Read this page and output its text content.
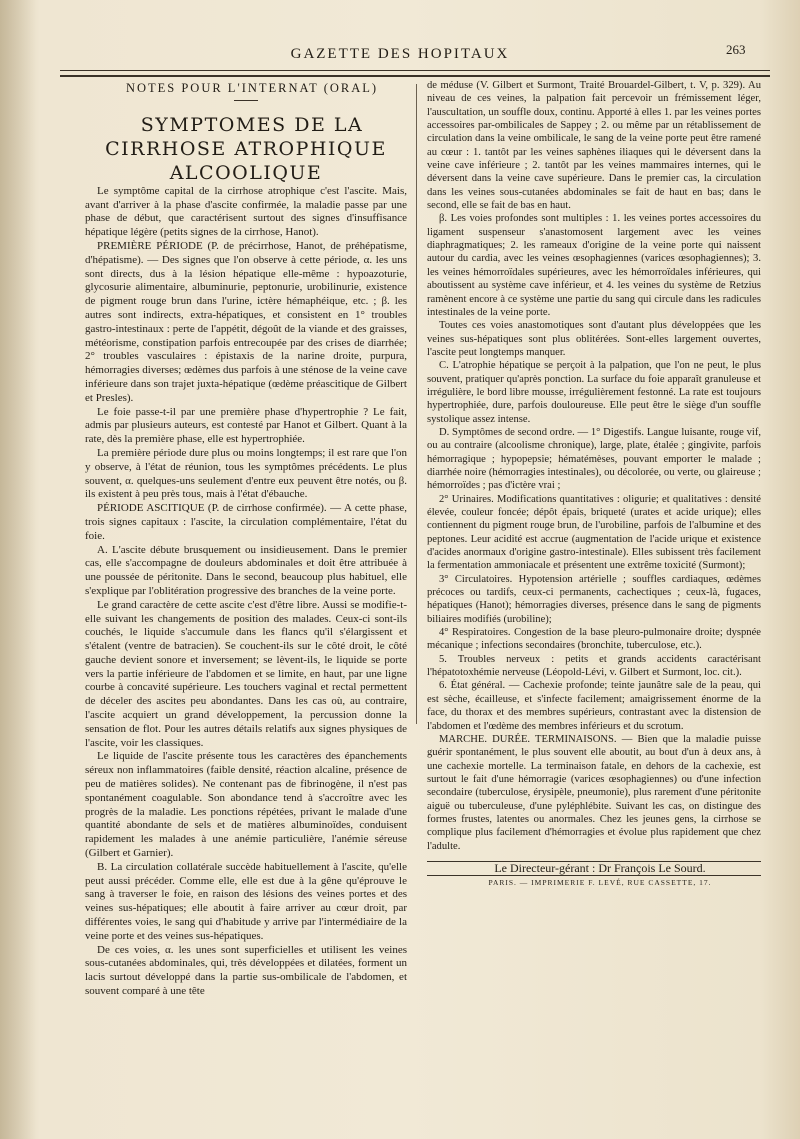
GAZETTE DES HOPITAUX	263

NOTES POUR L'INTERNAT (ORAL)

SYMPTOMES DE LA CIRRHOSE ATROPHIQUE ALCOOLIQUE

Le symptôme capital de la cirrhose atrophique c'est l'ascite. Mais, avant d'arriver à la phase d'ascite confirmée, la maladie passe par une phase de début, que caractérisent surtout des signes d'insuffisance hépatique légère (petits signes de la cirrhose, Hanot).

PREMIÈRE PÉRIODE (P. de précirrhose, Hanot, de préhépatisme, d'hépatisme). — Des signes que l'on observe à cette période, α. les uns sont directs, dus à la lésion hépatique elle-même : hypoazoturie, glycosurie alimentaire, albuminurie, peptonurie, urobilinurie, existence de pigment rouge brun dans l'urine, ictère hémaphéique, etc. ; β. les autres sont indirects, extra-hépatiques, et consistent en 1° troubles gastro-intestinaux : perte de l'appétit, dégoût de la viande et des graisses, météorisme, constipation parfois entrecoupée par des crises de diarrhée; 2° troubles vasculaires : épistaxis de la narine droite, purpura, hémorragies diverses; œdèmes dus parfois à une sténose de la veine cave inférieure dans son trajet juxta-hépatique (œdème préascitique de Gilbert et Presles).

Le foie passe-t-il par une première phase d'hypertrophie ? Le fait, admis par plusieurs auteurs, est contesté par Hanot et Gilbert. Quant à la rate, dès la première phase, elle est hypertrophiée.

La première période dure plus ou moins longtemps; il est rare que l'on y observe, à l'état de réunion, tous les symptômes précédents. Le plus souvent, α. quelques-uns seulement d'entre eux peuvent être notés, ou β. ils existent à peu près tous, mais à l'état d'ébauche.

PÉRIODE ASCITIQUE (P. de cirrhose confirmée). — A cette phase, trois signes capitaux : l'ascite, la circulation complémentaire, l'état du foie.

A. L'ascite débute brusquement ou insidieusement. Dans le premier cas, elle s'accompagne de douleurs abdominales et doit être attribuée à une poussée de péritonite. Dans le second, beaucoup plus habituel, elle s'explique par l'oblitération progressive des branches de la veine porte.

Le grand caractère de cette ascite c'est d'être libre. Aussi se modifie-t-elle suivant les changements de position des malades. Ceux-ci sont-ils couchés, le liquide s'accumule dans les flancs qu'il s'élargissent et s'étalent (ventre de batracien). Se couchent-ils sur le côté droit, le côté gauche devient sonore et inversement; se lèvent-ils, le liquide se porte vers la partie inférieure de l'abdomen et se limite, en haut, par une ligne courbe à concavité supérieure. Les touchers vaginal et rectal permettent de déceler des ascites peu abondantes. Dans les cas où, au contraire, l'ascite acquiert un grand développement, la percussion donne la sensation de flot. Pour les autres détails relatifs aux signes physiques de l'ascite, voir les classiques.

Le liquide de l'ascite présente tous les caractères des épanchements séreux non inflammatoires (faible densité, réaction alcaline, présence de peu de matières solides). Ne contenant pas de fibrinogène, il n'est pas spontanément coagulable. Son abondance tend à s'accroître avec les progrès de la maladie. Les ponctions répétées, privant le malade d'une quantité abondante de sels et de matières albuminoïdes, conduisent rapidement les malades à une anémie particulière, l'anémie séreuse (Gilbert et Garnier).

B. La circulation collatérale succède habituellement à l'ascite, qu'elle peut aussi précéder. Comme elle, elle est due à la gêne qu'éprouve le sang à traverser le foie, en raison des lésions des veines portes et des veines sus-hépatiques; elle aboutit à faire arriver au cœur droit, par différentes voies, le sang qui d'habitude y arrive par l'intermédiaire de la veine porte et des veines sus-hépatiques.

De ces voies, α. les unes sont superficielles et utilisent les veines sous-cutanées abdominales, qui, très développées et dilatées, forment un lacis surtout développé dans la partie sus-ombilicale de l'abdomen, et souvent comparé à une tête

de méduse (V. Gilbert et Surmont, Traité Brouardel-Gilbert, t. V, p. 329). Au niveau de ces veines, la palpation fait percevoir un frémissement léger, l'auscultation, un souffle doux, continu. Apporté à elles 1. par les veines portes accessoires par-ombilicales de Sappey ; 2. ou même par un rétablissement de circulation dans la veine ombilicale, le sang de la veine porte peut être ramené au cœur : 1. tantôt par les veines saphènes iliaques qui le déversent dans la veine cave inférieure ; 2. tantôt par les veines mammaires internes, qui le déversent dans la veine cave supérieure. Dans le premier cas, la circulation dans les veines sous-cutanées abdominales se fait de haut en bas; dans le second, elle se fait de bas en haut.

β. Les voies profondes sont multiples : 1. les veines portes accessoires du ligament suspenseur s'anastomosent largement avec les veines diaphragmatiques; 2. les rameaux d'origine de la veine porte qui naissent autour du cardia, avec les veines œsophagiennes (varices œsophagiennes); 3. les veines hémorroïdales supérieures, avec les hémorroïdales inférieures, qui aboutissent au système cave inférieur, et 4. les veines du système de Retzius ramènent encore à ce système une partie du sang qui circule dans les radicules intestinales de la veine porte.

Toutes ces voies anastomotiques sont d'autant plus développées que les veines sus-hépatiques sont plus oblitérées. Sont-elles largement ouvertes, l'ascite peut longtemps manquer.

C. L'atrophie hépatique se perçoit à la palpation, que l'on ne peut, le plus souvent, pratiquer qu'après ponction. La surface du foie apparaît granuleuse et irrégulière, le bord libre mousse, irrégulièrement festonné. La rate est toujours hypertrophiée, dure, parfois douloureuse. Elle peut être le siège d'un souffle systolique assez intense.

D. Symptômes de second ordre. — 1° Digestifs. Langue luisante, rouge vif, ou au contraire (alcoolisme chronique), large, plate, étalée ; gingivite, parfois hémorragique ; hypopepsie; hématémèses, pouvant emporter le malade ; diarrhée noire (hémorragies intestinales), ou décolorée, ou verte, ou glaireuse ; hémorroïdes ; pas d'ictère vrai ;

2° Urinaires. Modifications quantitatives : oligurie; et qualitatives : densité élevée, couleur foncée; dépôt épais, briqueté (urates et acide urique); elles contiennent du pigment rouge brun, de l'urobiline, parfois de l'albumine et des peptones. Leur acidité est accrue (augmentation de l'acide urique et existence d'acides anormaux d'origine gastro-intestinale). Elles subissent très facilement la fermentation ammoniacale et présentent une extrême toxicité (Surmont);

3° Circulatoires. Hypotension artérielle ; souffles cardiaques, œdèmes précoces ou tardifs, ceux-ci permanents, cachectiques ; ceux-là, fugaces, hépatiques (Hanot); hémorragies diverses, présence dans le sang de pigments biliaires modifiés (urobiline);

4° Respiratoires. Congestion de la base pleuro-pulmonaire droite; dyspnée mécanique ; infections secondaires (bronchite, tuberculose, etc.).

5. Troubles nerveux : petits et grands accidents caractérisant l'hépatotoxhémie nerveuse (Léopold-Lévi, v. Gilbert et Surmont, loc. cit.).

6. État général. — Cachexie profonde; teinte jaunâtre sale de la peau, qui est sèche, écailleuse, et s'infecte facilement; amaigrissement énorme de la face, du thorax et des membres supérieurs, contrastant avec la distension de l'abdomen et l'œdème des membres inférieurs et du scrotum.

MARCHE. DURÉE. TERMINAISONS. — Bien que la maladie puisse guérir spontanément, le plus souvent elle aboutit, au bout d'un à deux ans, à une cachexie mortelle. La terminaison fatale, en dehors de la cachexie, est surtout le fait d'une hémorragie (varices œsophagiennes) ou d'une infection secondaire (tuberculose, érysipèle, pneumonie), plus rarement d'une péritonite aiguë ou tuberculeuse, d'une pyléphlébite. Suivant les cas, on distingue des formes frustes, latentes ou anormales. Chez les jeunes gens, la cirrhose se complique plus facilement d'hémorragies et évolue plus rapidement que chez l'adulte.

Le Directeur-gérant : Dr François Le Sourd.

PARIS. — IMPRIMERIE F. LEVÉ, RUE CASSETTE, 17.
